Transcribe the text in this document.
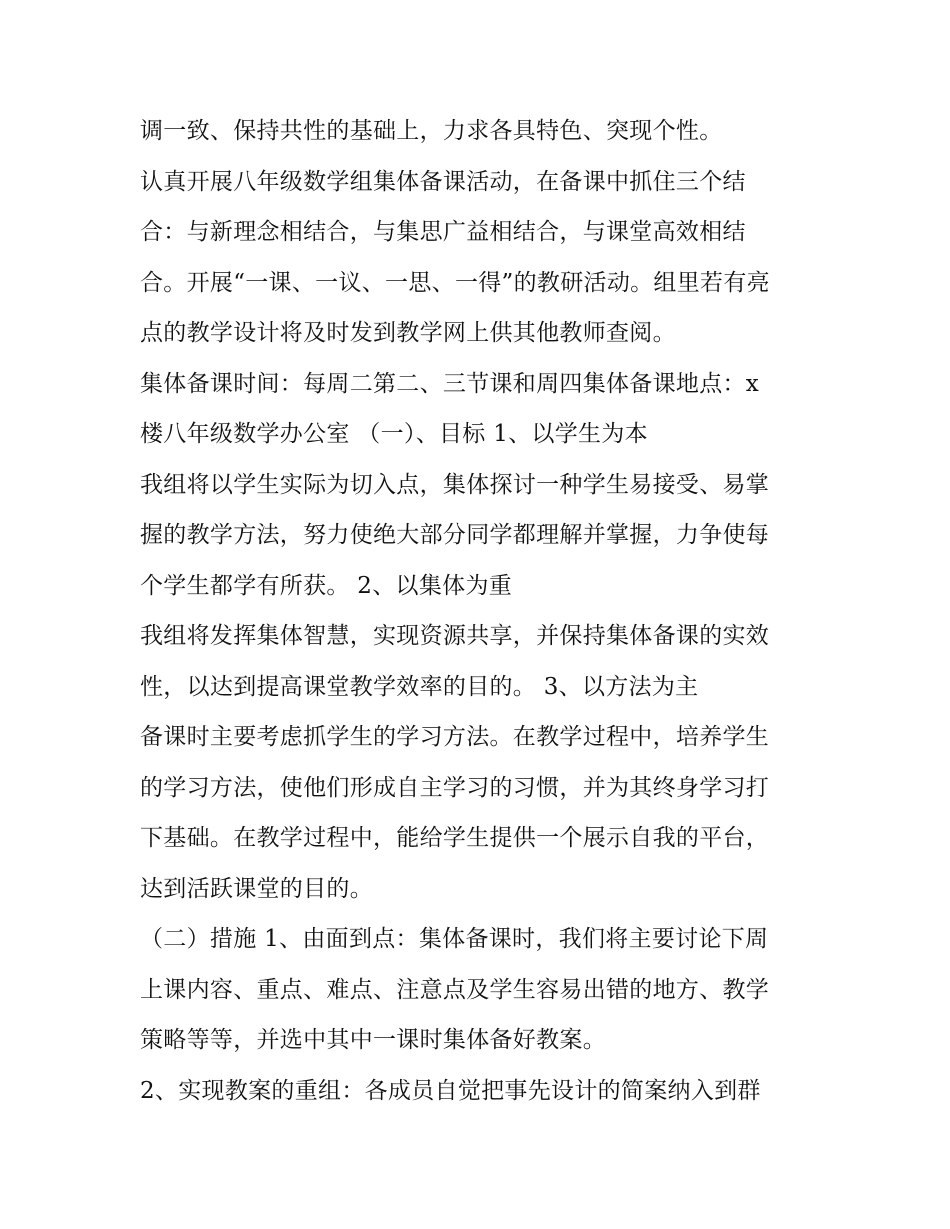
调一致、保持共性的基础上，力求各具特色、突现个性。
认真开展八年级数学组集体备课活动，在备课中抓住三个结
合：与新理念相结合，与集思广益相结合，与课堂高效相结
合。开展“一课、一议、一思、一得”的教研活动。组里若有亮
点的教学设计将及时发到教学网上供其他教师查阅。
集体备课时间：每周二第二、三节课和周四集体备课地点：x
楼八年级数学办公室 （一）、目标 1、以学生为本
我组将以学生实际为切入点，集体探讨一种学生易接受、易掌
握的教学方法，努力使绝大部分同学都理解并掌握，力争使每
个学生都学有所获。 2、以集体为重
我组将发挥集体智慧，实现资源共享，并保持集体备课的实效
性，以达到提高课堂教学效率的目的。 3、以方法为主
备课时主要考虑抓学生的学习方法。在教学过程中，培养学生
的学习方法，使他们形成自主学习的习惯，并为其终身学习打
下基础。在教学过程中，能给学生提供一个展示自我的平台，
达到活跃课堂的目的。
（二）措施 1、由面到点：集体备课时，我们将主要讨论下周
上课内容、重点、难点、注意点及学生容易出错的地方、教学
策略等等，并选中其中一课时集体备好教案。
2、实现教案的重组：各成员自觉把事先设计的简案纳入到群
